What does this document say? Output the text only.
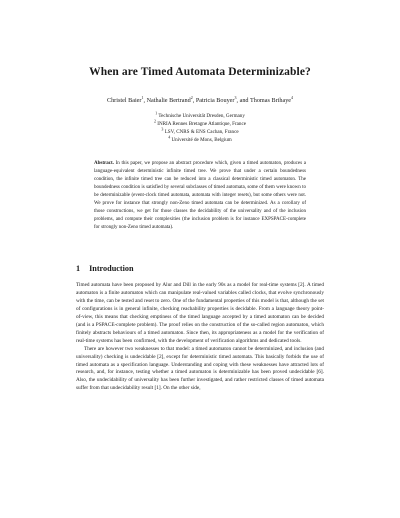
When are Timed Automata Determinizable?
Christel Baier$^1$, Nathalie Bertrand$^2$, Patricia Bouyer$^3$, and Thomas Brihaye$^4$
$^1$ Technische Universität Dresden, Germany
$^2$ INRIA Rennes Bretagne Atlantique, France
$^3$ LSV, CNRS & ENS Cachan, France
$^4$ Université de Mons, Belgium
Abstract. In this paper, we propose an abstract procedure which, given a timed automaton, produces a language-equivalent deterministic infinite timed tree. We prove that under a certain boundedness condition, the infinite timed tree can be reduced into a classical deterministic timed automaton. The boundedness condition is satisfied by several subclasses of timed automata, some of them were known to be determinizable (event-clock timed automata, automata with integer resets), but some others were not. We prove for instance that strongly non-Zeno timed automata can be determinized. As a corollary of those constructions, we get for those classes the decidability of the universality and of the inclusion problems, and compute their complexities (the inclusion problem is for instance EXPSPACE-complete for strongly non-Zeno timed automata).
1 Introduction

Timed automata have been proposed by Alur and Dill in the early 90s as a model for real-time systems [2]. A timed automaton is a finite automaton which can manipulate real-valued variables called clocks, that evolve synchronously with the time, can be tested and reset to zero. One of the fundamental properties of this model is that, although the set of configurations is in general infinite, checking reachability properties is decidable. From a language theory point-of-view, this means that checking emptiness of the timed language accepted by a timed automaton can be decided (and is a PSPACE-complete problem). The proof relies on the construction of the so-called region automaton, which finitely abstracts behaviours of a timed automaton. Since then, its appropriateness as a model for the verification of real-time systems has been confirmed, with the development of verification algorithms and dedicated tools.

There are however two weaknesses to that model: a timed automaton cannot be determinized, and inclusion (and universality) checking is undecidable [2], except for deterministic timed automata. This basically forbids the use of timed automata as a specification language. Understanding and coping with these weaknesses have attracted lots of research, and, for instance, testing whether a timed automaton is determinizable has been proved undecidable [6]. Also, the undecidability of universality has been further investigated, and rather restricted classes of timed automata suffer from that undecidability result [1]. On the other side,
